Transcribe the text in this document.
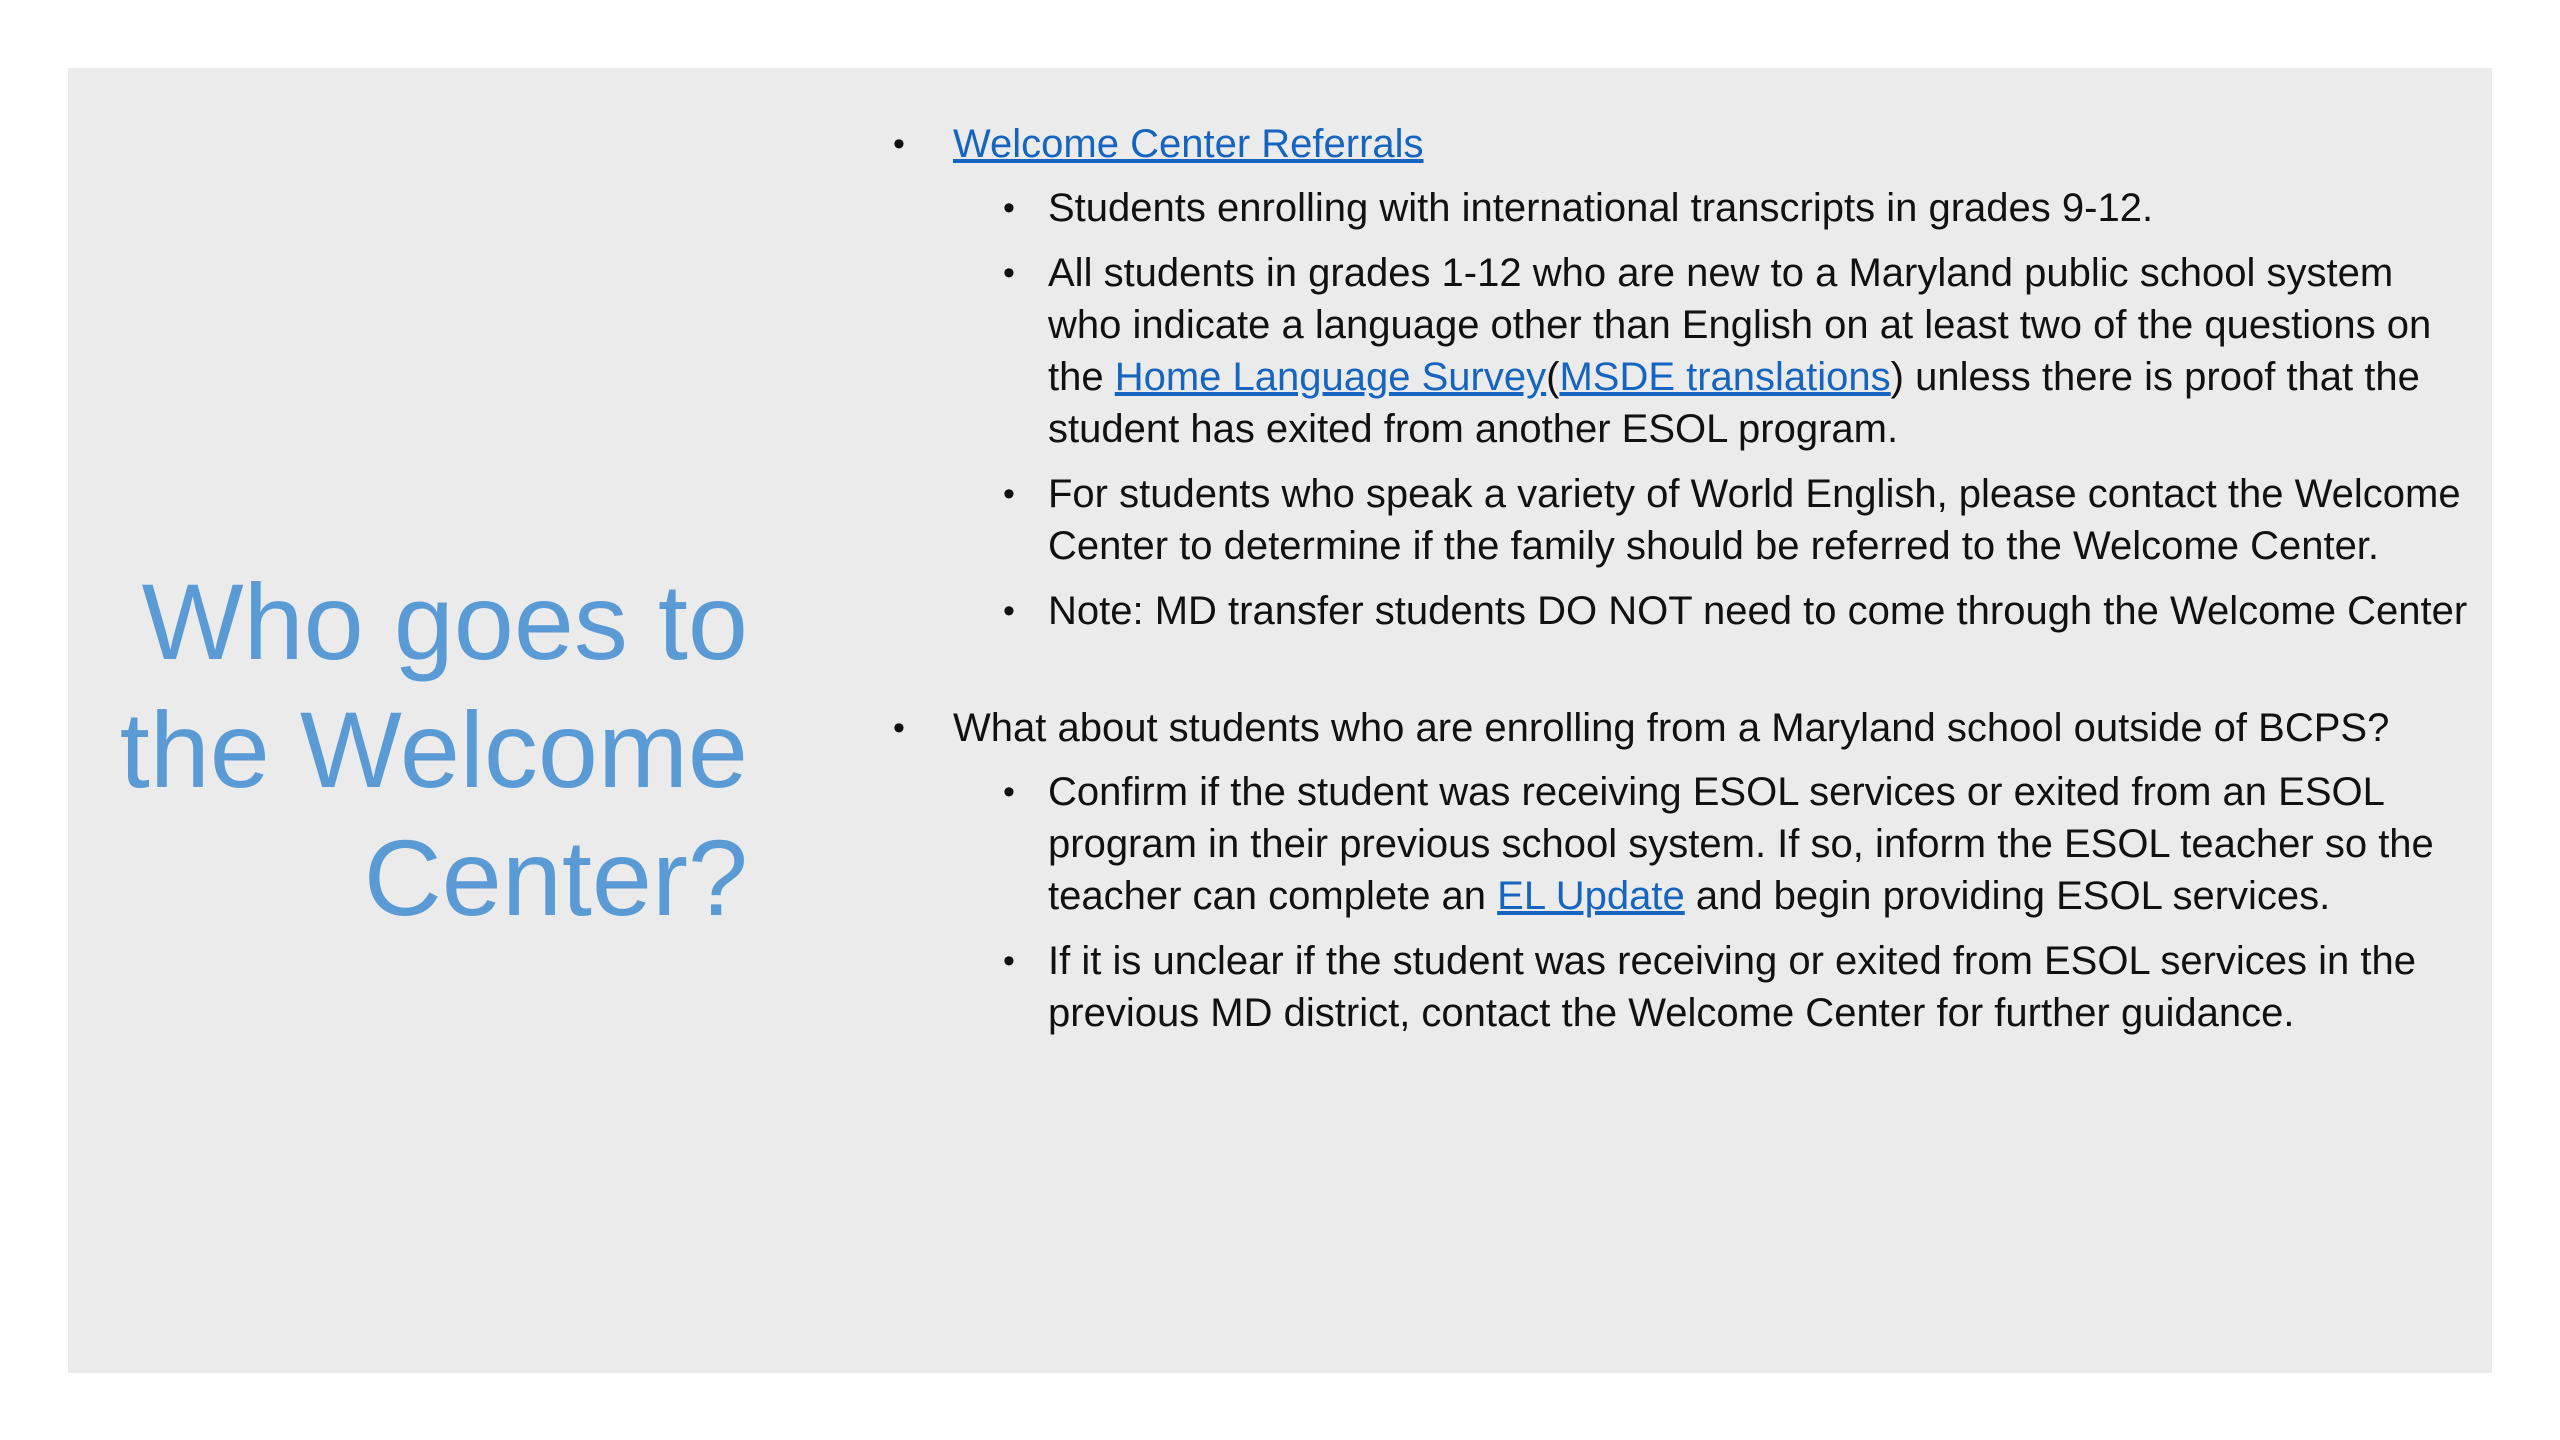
Who goes to
the Welcome
Center?
• Welcome Center Referrals
• Students enrolling with international transcripts in grades 9-12.
• All students in grades 1-12 who are new to a Maryland public school system who indicate a language other than English on at least two of the questions on the Home Language Survey(MSDE translations) unless there is proof that the student has exited from another ESOL program.
• For students who speak a variety of World English, please contact the Welcome Center to determine if the family should be referred to the Welcome Center.
• Note: MD transfer students DO NOT need to come through the Welcome Center
• What about students who are enrolling from a Maryland school outside of BCPS?
• Confirm if the student was receiving ESOL services or exited from an ESOL program in their previous school system. If so, inform the ESOL teacher so the teacher can complete an EL Update and begin providing ESOL services.
• If it is unclear if the student was receiving or exited from ESOL services in the previous MD district, contact the Welcome Center for further guidance.
